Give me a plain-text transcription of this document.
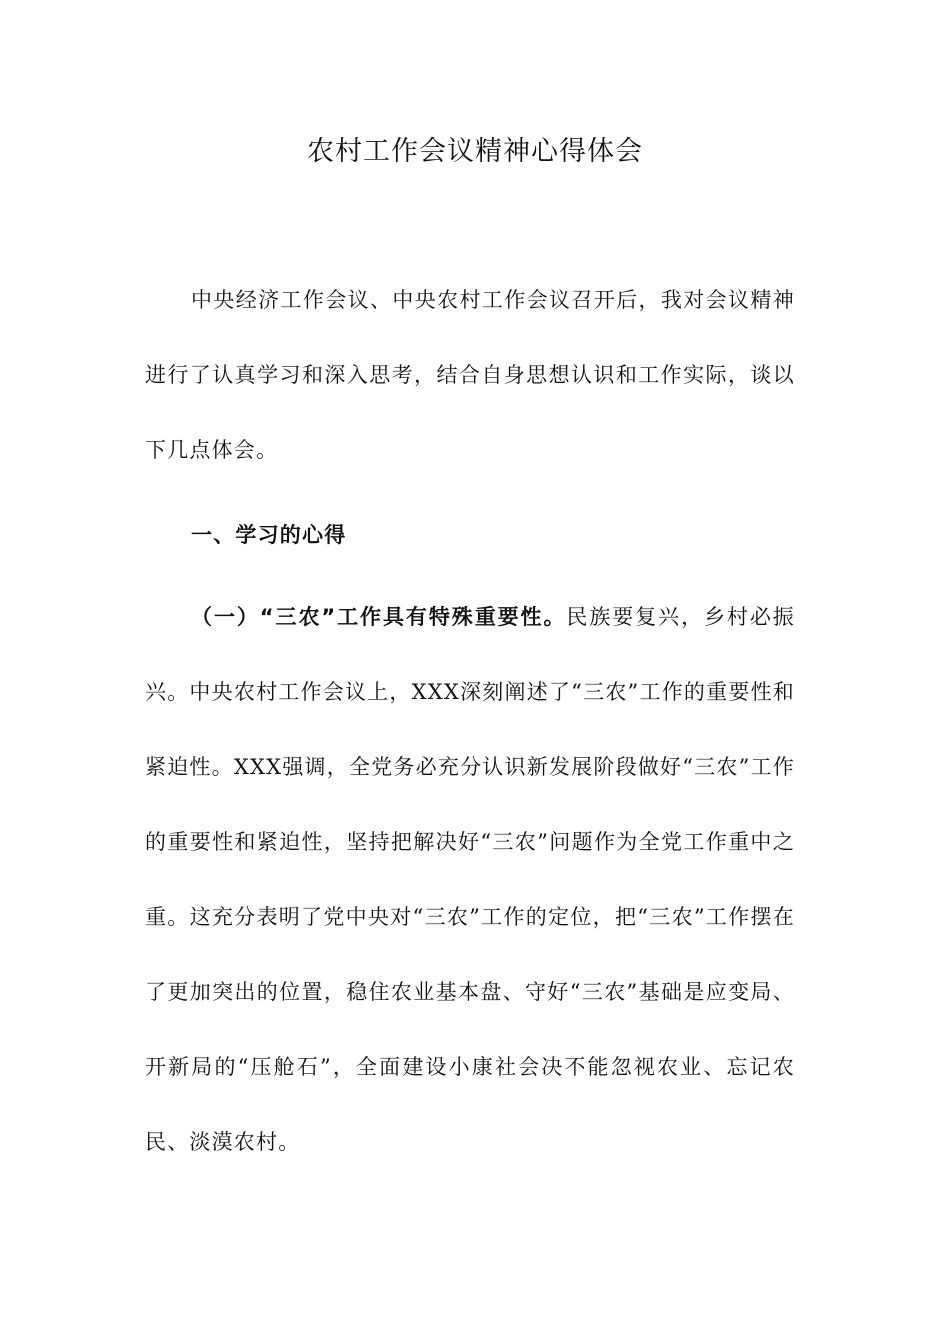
农村工作会议精神心得体会

中央经济工作会议、中央农村工作会议召开后，我对会议精神进行了认真学习和深入思考，结合自身思想认识和工作实际，谈以下几点体会。

一、学习的心得

（一）“三农”工作具有特殊重要性。民族要复兴，乡村必振兴。中央农村工作会议上，XXX深刻阐述了“三农”工作的重要性和紧迫性。XXX强调，全党务必充分认识新发展阶段做好“三农”工作的重要性和紧迫性，坚持把解决好“三农”问题作为全党工作重中之重。这充分表明了党中央对“三农”工作的定位，把“三农”工作摆在了更加突出的位置，稳住农业基本盘、守好“三农”基础是应变局、开新局的“压舱石”，全面建设小康社会决不能忽视农业、忘记农民、淡漠农村。
